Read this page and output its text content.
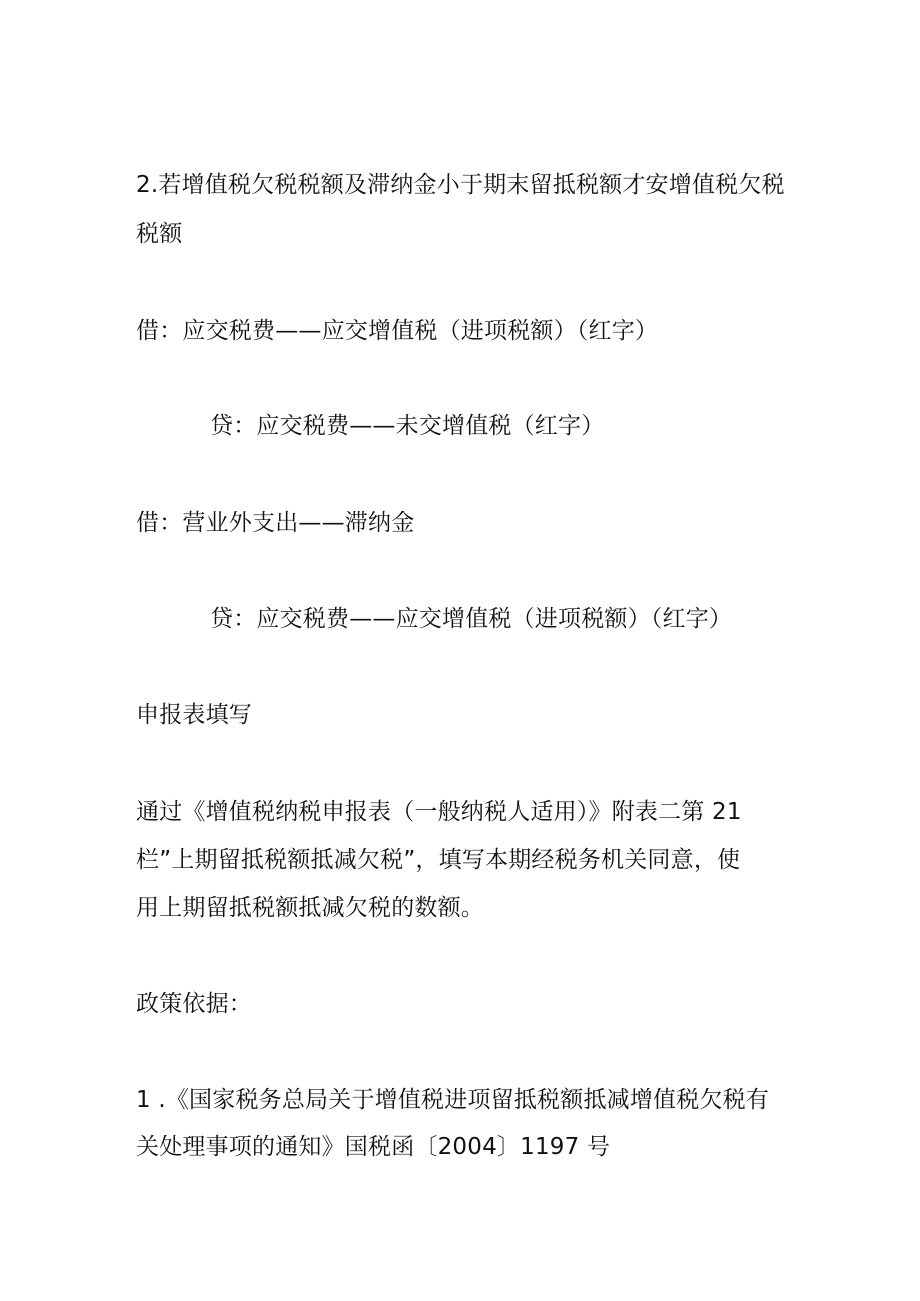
2.若增值税欠税税额及滞纳金小于期末留抵税额才安增值税欠税
税额
借：应交税费——应交增值税（进项税额）（红字）
贷：应交税费——未交增值税（红字）
借：营业外支出——滞纳金
贷：应交税费——应交增值税（进项税额）（红字）
申报表填写
通过《增值税纳税申报表（一般纳税人适用）》附表二第 21
栏”上期留抵税额抵减欠税”，填写本期经税务机关同意，使
用上期留抵税额抵减欠税的数额。
政策依据：
1 .《国家税务总局关于增值税进项留抵税额抵减增值税欠税有
关处理事项的通知》国税函〔2004〕1197 号
